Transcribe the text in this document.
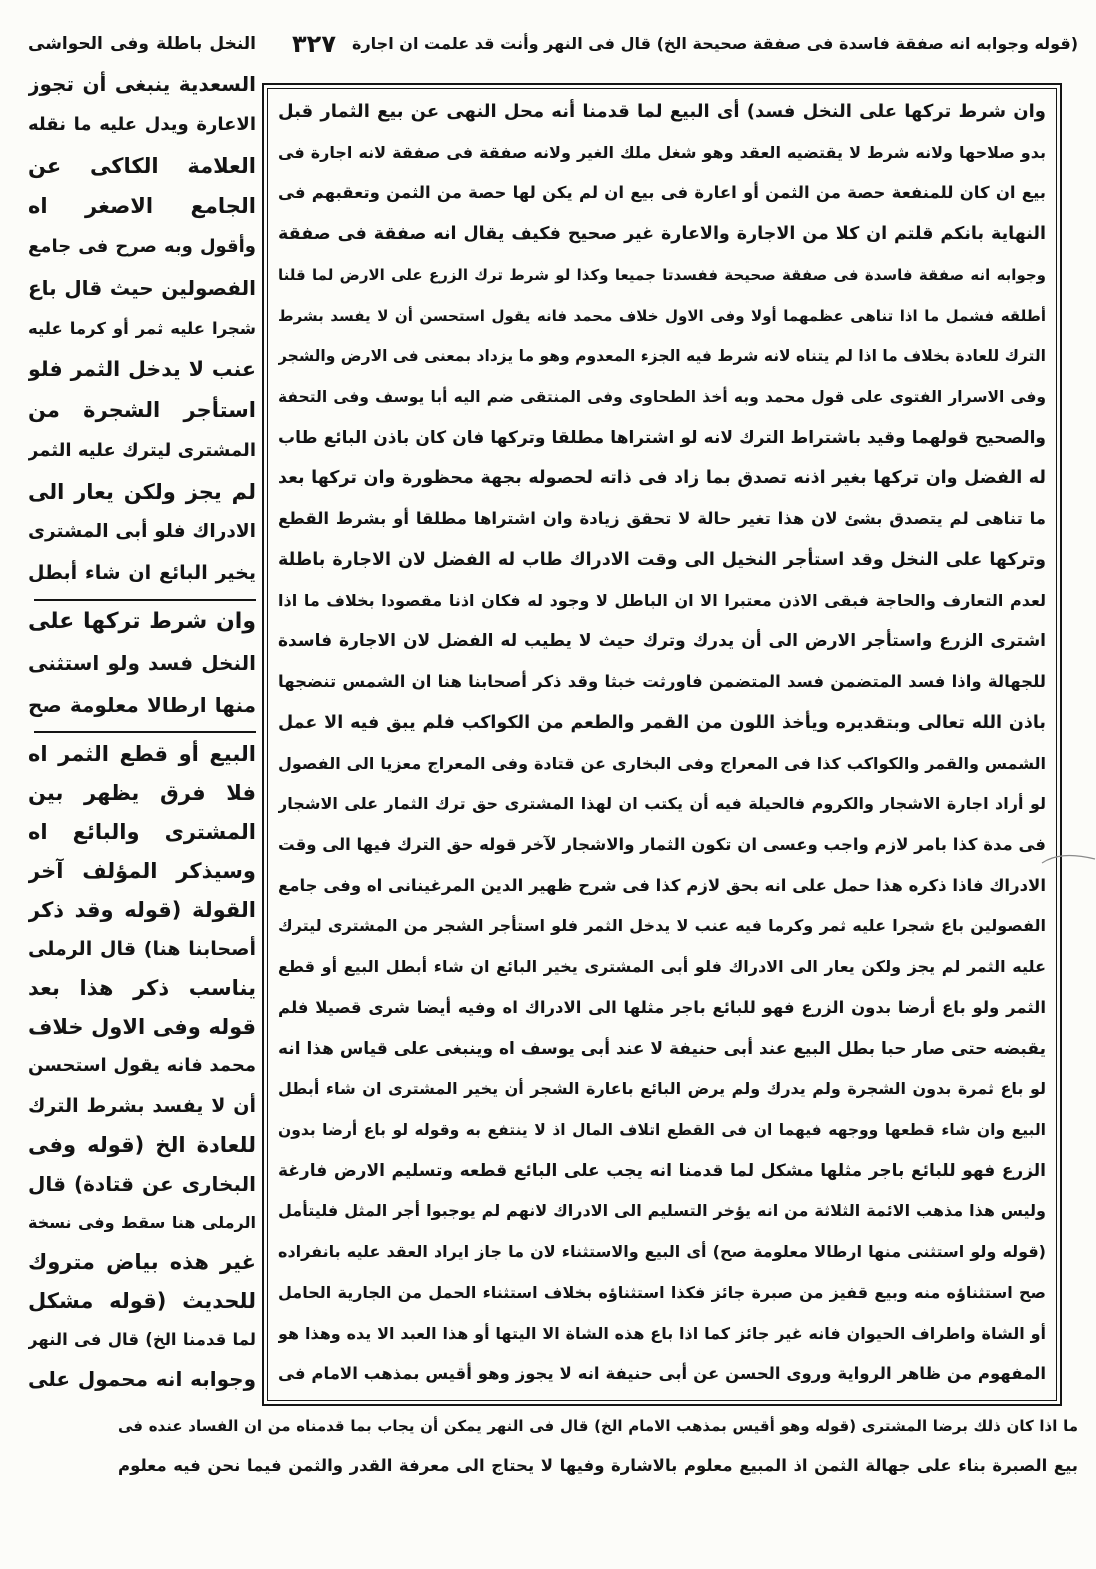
(قوله وجوابه انه صفقة فاسدة فى صفقة صحيحة الخ) قال فى النهر وأنت قد علمت ان اجارة
٣٢٧
النخل باطلة وفى الحواشى
وان شرط تركها على النخل فسد) أى البيع لما قدمنا أنه محل النهى عن بيع الثمار قبل
بدو صلاحها ولانه شرط لا يقتضيه العقد وهو شغل ملك الغير ولانه صفقة فى صفقة لانه اجارة فى
بيع ان كان للمنفعة حصة من الثمن أو اعارة فى بيع ان لم يكن لها حصة من الثمن وتعقبهم فى
النهاية بانكم قلتم ان كلا من الاجارة والاعارة غير صحيح فكيف يقال انه صفقة فى صفقة
وجوابه انه صفقة فاسدة فى صفقة صحيحة ففسدتا جميعا وكذا لو شرط ترك الزرع على الارض لما قلنا
أطلقه فشمل ما اذا تناهى عظمهما أولا وفى الاول خلاف محمد فانه يقول استحسن أن لا يفسد بشرط
الترك للعادة بخلاف ما اذا لم يتناه لانه شرط فيه الجزء المعدوم وهو ما يزداد بمعنى فى الارض والشجر
وفى الاسرار الفتوى على قول محمد وبه أخذ الطحاوى وفى المنتقى ضم اليه أبا يوسف وفى التحفة
والصحيح قولهما وقيد باشتراط الترك لانه لو اشتراها مطلقا وتركها فان كان باذن البائع طاب
له الفضل وان تركها بغير اذنه تصدق بما زاد فى ذاته لحصوله بجهة محظورة وان تركها بعد
ما تناهى لم يتصدق بشئ لان هذا تغير حالة لا تحقق زيادة وان اشتراها مطلقا أو بشرط القطع
وتركها على النخل وقد استأجر النخيل الى وقت الادراك طاب له الفضل لان الاجارة باطلة
لعدم التعارف والحاجة فبقى الاذن معتبرا الا ان الباطل لا وجود له فكان اذنا مقصودا بخلاف ما اذا
اشترى الزرع واستأجر الارض الى أن يدرك وترك حيث لا يطيب له الفضل لان الاجارة فاسدة
للجهالة واذا فسد المتضمن فسد المتضمن فاورثت خبثا وقد ذكر أصحابنا هنا ان الشمس تنضجها
باذن الله تعالى وبتقديره ويأخذ اللون من القمر والطعم من الكواكب فلم يبق فيه الا عمل
الشمس والقمر والكواكب كذا فى المعراج وفى البخارى عن قتادة وفى المعراج معزيا الى الفصول
لو أراد اجارة الاشجار والكروم فالحيلة فيه أن يكتب ان لهذا المشترى حق ترك الثمار على الاشجار
فى مدة كذا بامر لازم واجب وعسى ان تكون الثمار والاشجار لآخر قوله حق الترك فيها الى وقت
الادراك فاذا ذكره هذا حمل على انه بحق لازم كذا فى شرح ظهير الدين المرغينانى اه وفى جامع
الفصولين باع شجرا عليه ثمر وكرما فيه عنب لا يدخل الثمر فلو استأجر الشجر من المشترى ليترك
عليه الثمر لم يجز ولكن يعار الى الادراك فلو أبى المشترى يخير البائع ان شاء أبطل البيع أو قطع
الثمر ولو باع أرضا بدون الزرع فهو للبائع باجر مثلها الى الادراك اه وفيه أيضا شرى قصيلا فلم
يقبضه حتى صار حبا بطل البيع عند أبى حنيفة لا عند أبى يوسف اه وينبغى على قياس هذا انه
لو باع ثمرة بدون الشجرة ولم يدرك ولم يرض البائع باعارة الشجر أن يخير المشترى ان شاء أبطل
البيع وان شاء قطعها ووجهه فيهما ان فى القطع اتلاف المال اذ لا ينتفع به وقوله لو باع أرضا بدون
الزرع فهو للبائع باجر مثلها مشكل لما قدمنا انه يجب على البائع قطعه وتسليم الارض فارغة
وليس هذا مذهب الائمة الثلاثة من انه يؤخر التسليم الى الادراك لانهم لم يوجبوا أجر المثل فليتأمل
(قوله ولو استثنى منها ارطالا معلومة صح) أى البيع والاستثناء لان ما جاز ايراد العقد عليه بانفراده
صح استثناؤه منه وبيع قفيز من صبرة جائز فكذا استثناؤه بخلاف استثناء الحمل من الجارية الحامل
أو الشاة واطراف الحيوان فانه غير جائز كما اذا باع هذه الشاة الا اليتها أو هذا العبد الا يده وهذا هو
المفهوم من ظاهر الرواية وروى الحسن عن أبى حنيفة انه لا يجوز وهو أقيس بمذهب الامام فى
السعدية ينبغى أن تجوز
الاعارة ويدل عليه ما نقله
العلامة الكاكى عن
الجامع الاصغر اه
وأقول وبه صرح فى جامع
الفصولين حيث قال باع
شجرا عليه ثمر أو كرما عليه
عنب لا يدخل الثمر فلو
استأجر الشجرة من
المشترى ليترك عليه الثمر
لم يجز ولكن يعار الى
الادراك فلو أبى المشترى
يخير البائع ان شاء أبطل
وان شرط تركها على
النخل فسد ولو استثنى
منها ارطالا معلومة صح
البيع أو قطع الثمر اه
فلا فرق يظهر بين
المشترى والبائع اه
وسيذكر المؤلف آخر
القولة (قوله وقد ذكر
أصحابنا هنا) قال الرملى
يناسب ذكر هذا بعد
قوله وفى الاول خلاف
محمد فانه يقول استحسن
أن لا يفسد بشرط الترك
للعادة الخ (قوله وفى
البخارى عن قتادة) قال
الرملى هنا سقط وفى نسخة
غير هذه بياض متروك
للحديث (قوله مشكل
لما قدمنا الخ) قال فى النهر
وجوابه انه محمول على
ما اذا كان ذلك برضا المشترى (قوله وهو أقيس بمذهب الامام الخ) قال فى النهر يمكن أن يجاب بما قدمناه من ان الفساد عنده فى
بيع الصبرة بناء على جهالة الثمن اذ المبيع معلوم بالاشارة وفيها لا يحتاج الى معرفة القدر والثمن فيما نحن فيه معلوم
